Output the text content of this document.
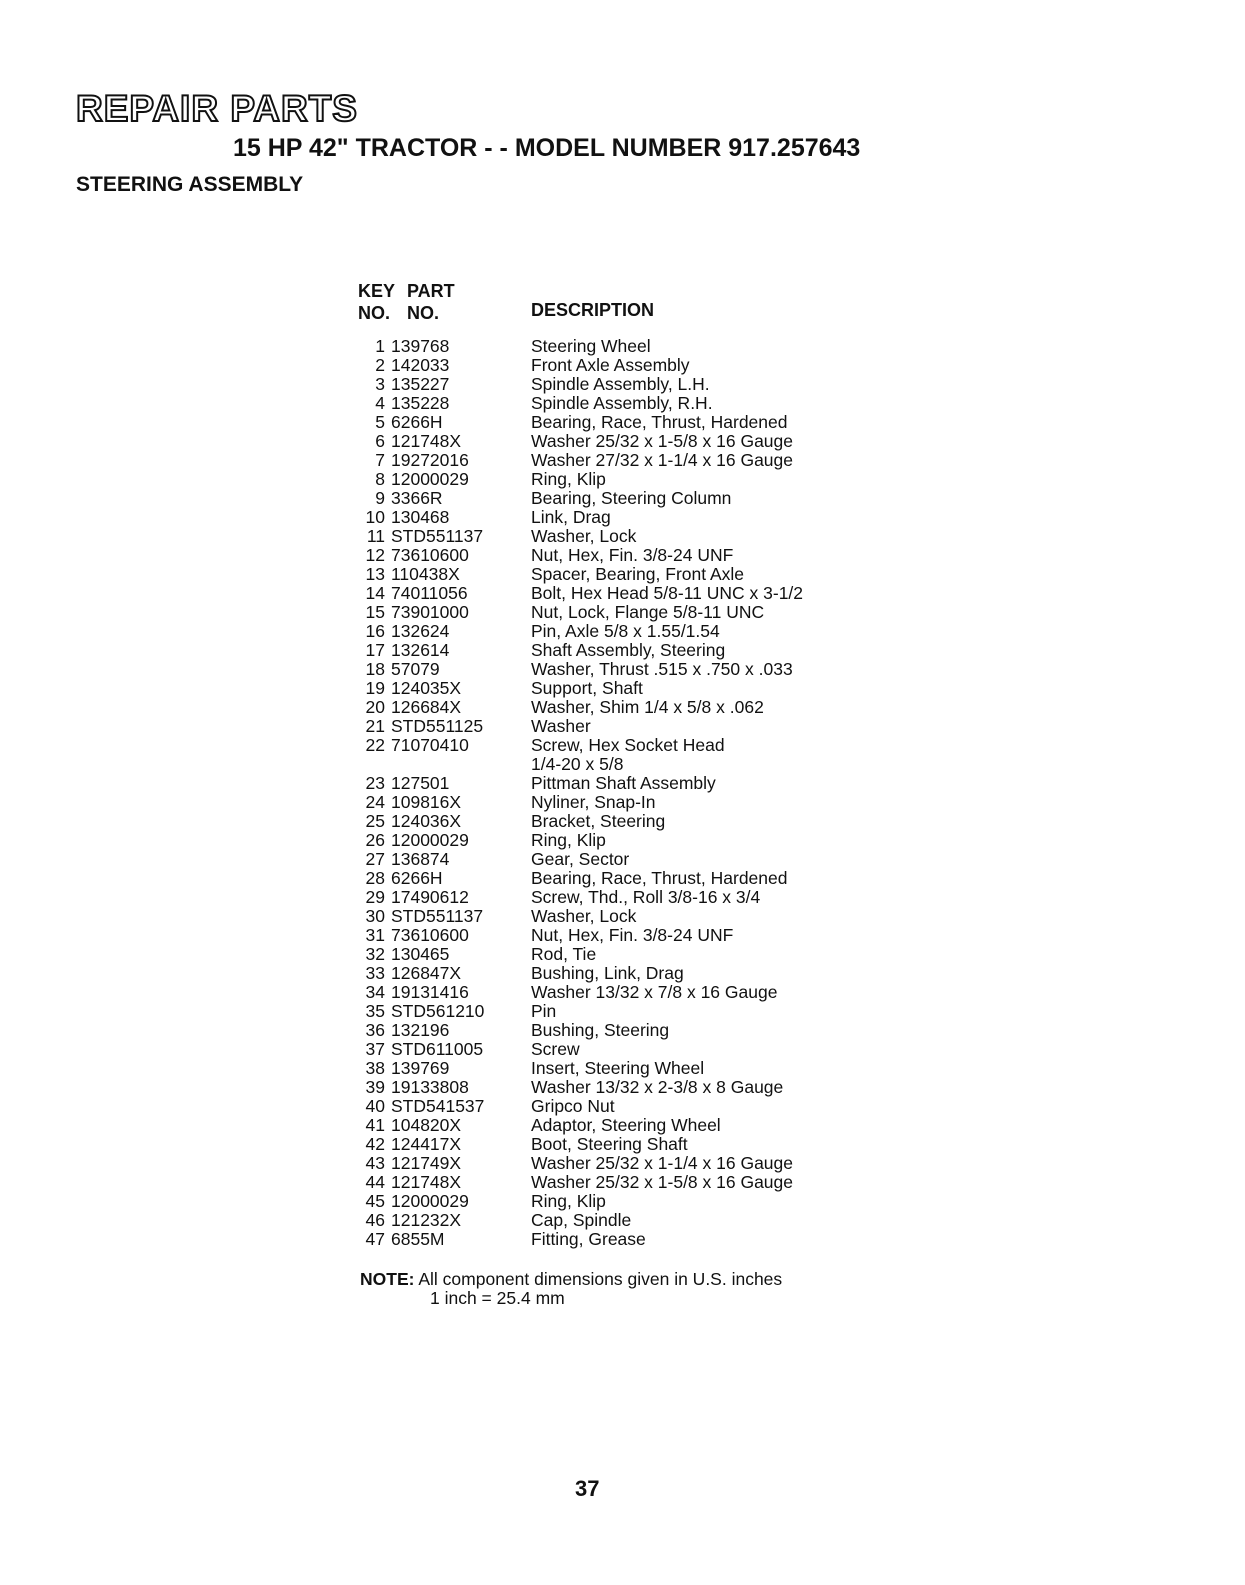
REPAIR PARTS
15 HP 42" TRACTOR - - MODEL NUMBER 917.257643
STEERING ASSEMBLY
KEY
NO.
PART
NO.	DESCRIPTION
1 139768	Steering Wheel
2 142033	Front Axle Assembly
3 135227	Spindle Assembly, L.H.
4 135228	Spindle Assembly, R.H.
5 6266H	Bearing, Race, Thrust, Hardened
6 121748X	Washer 25/32 x 1-5/8 x 16 Gauge
7 19272016	Washer 27/32 x 1-1/4 x 16 Gauge
8 12000029	Ring, Klip
9 3366R	Bearing, Steering Column
10 130468	Link, Drag
11 STD551137	Washer, Lock
12 73610600	Nut, Hex, Fin. 3/8-24 UNF
13 110438X	Spacer, Bearing, Front Axle
14 74011056	Bolt, Hex Head 5/8-11 UNC x 3-1/2
15 73901000	Nut, Lock, Flange 5/8-11 UNC
16 132624	Pin, Axle 5/8 x 1.55/1.54
17 132614	Shaft Assembly, Steering
18 57079	Washer, Thrust .515 x .750 x .033
19 124035X	Support, Shaft
20 126684X	Washer, Shim 1/4 x 5/8 x .062
21 STD551125	Washer
22 71070410	Screw, Hex Socket Head
1/4-20 x 5/8
23 127501	Pittman Shaft Assembly
24 109816X	Nyliner, Snap-In
25 124036X	Bracket, Steering
26 12000029	Ring, Klip
27 136874	Gear, Sector
28 6266H	Bearing, Race, Thrust, Hardened
29 17490612	Screw, Thd., Roll 3/8-16 x 3/4
30 STD551137	Washer, Lock
31 73610600	Nut, Hex, Fin. 3/8-24 UNF
32 130465	Rod, Tie
33 126847X	Bushing, Link, Drag
34 19131416	Washer 13/32 x 7/8 x 16 Gauge
35 STD561210	Pin
36 132196	Bushing, Steering
37 STD611005	Screw
38 139769	Insert, Steering Wheel
39 19133808	Washer 13/32 x 2-3/8 x 8 Gauge
40 STD541537	Gripco Nut
41 104820X	Adaptor, Steering Wheel
42 124417X	Boot, Steering Shaft
43 121749X	Washer 25/32 x 1-1/4 x 16 Gauge
44 121748X	Washer 25/32 x 1-5/8 x 16 Gauge
45 12000029	Ring, Klip
46 121232X	Cap, Spindle
47 6855M	Fitting, Grease
NOTE: All component dimensions given in U.S. inches
1 inch = 25.4 mm
37
